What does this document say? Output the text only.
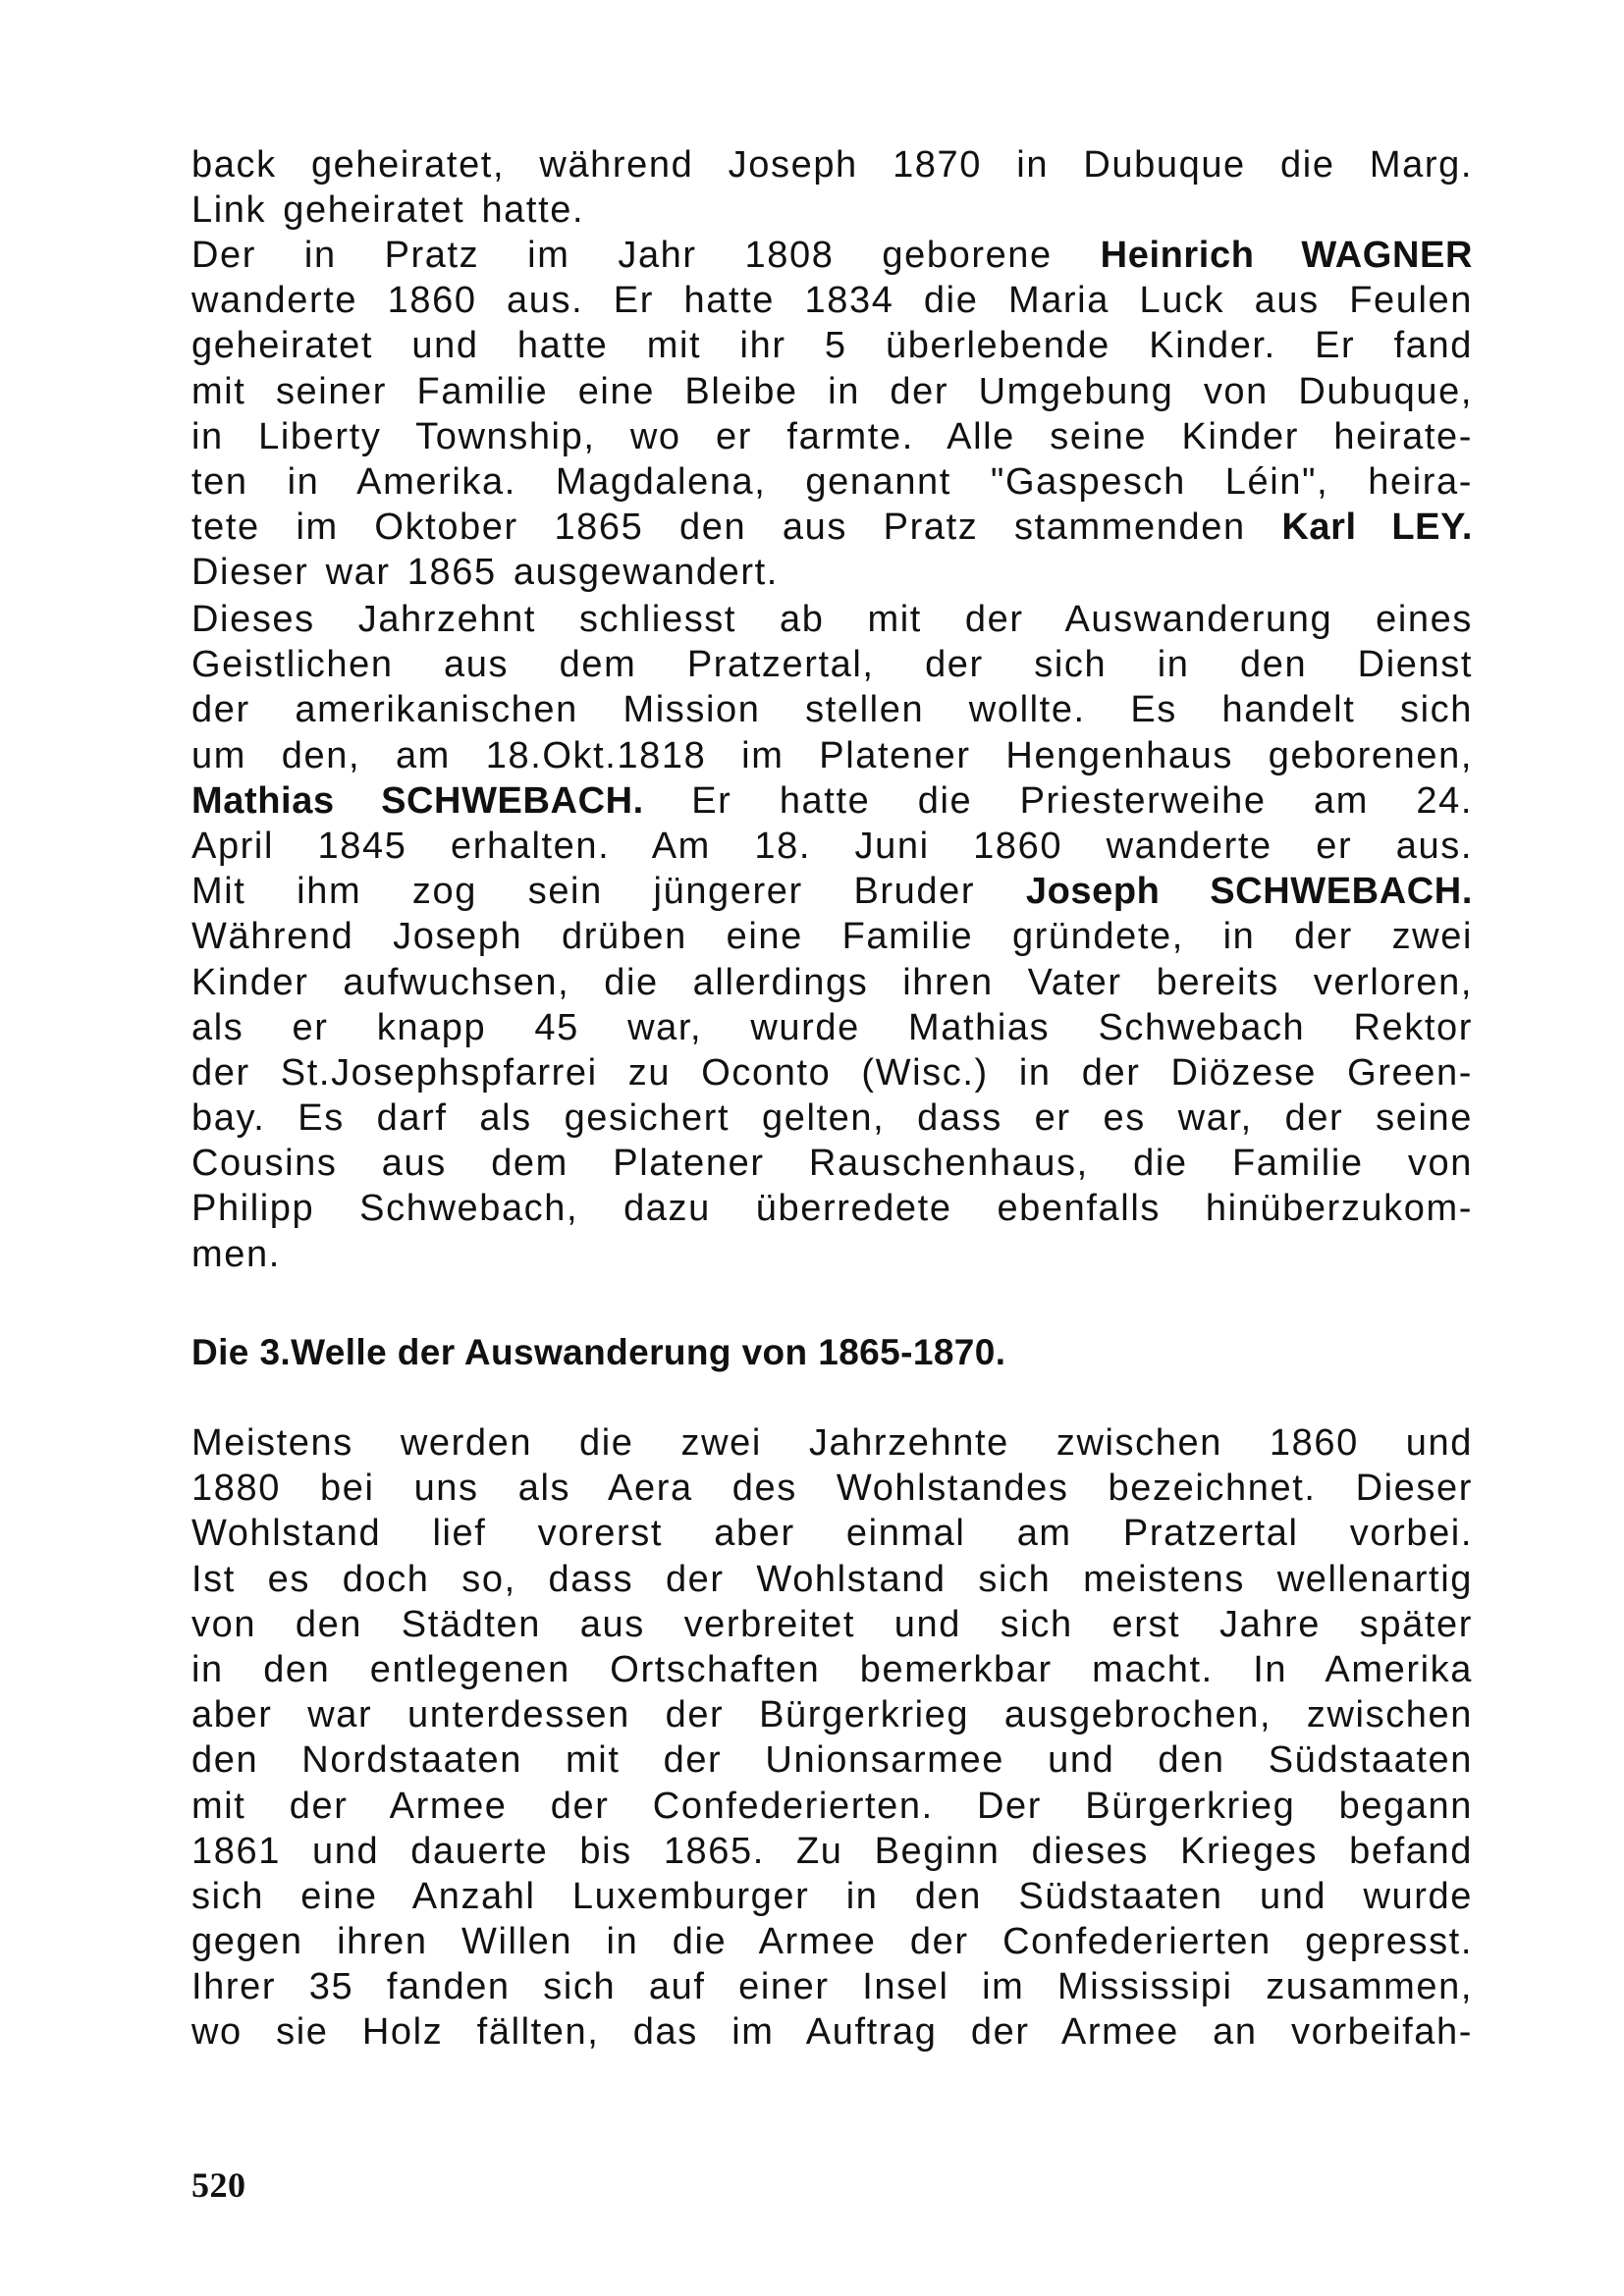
back geheiratet, während Joseph 1870 in Dubuque die Marg.
Link geheiratet hatte.
Der in Pratz im Jahr 1808 geborene Heinrich WAGNER
wanderte 1860 aus. Er hatte 1834 die Maria Luck aus Feulen
geheiratet und hatte mit ihr 5 überlebende Kinder. Er fand
mit seiner Familie eine Bleibe in der Umgebung von Dubuque,
in Liberty Township, wo er farmte. Alle seine Kinder heirate-
ten in Amerika. Magdalena, genannt "Gaspesch Léin", heira-
tete im Oktober 1865 den aus Pratz stammenden Karl LEY.
Dieser war 1865 ausgewandert.
Dieses Jahrzehnt schliesst ab mit der Auswanderung eines
Geistlichen aus dem Pratzertal, der sich in den Dienst
der amerikanischen Mission stellen wollte. Es handelt sich
um den, am 18.Okt.1818 im Platener Hengenhaus geborenen,
Mathias SCHWEBACH. Er hatte die Priesterweihe am 24.
April 1845 erhalten. Am 18. Juni 1860 wanderte er aus.
Mit ihm zog sein jüngerer Bruder Joseph SCHWEBACH.
Während Joseph drüben eine Familie gründete, in der zwei
Kinder aufwuchsen, die allerdings ihren Vater bereits verloren,
als er knapp 45 war, wurde Mathias Schwebach Rektor
der St.Josephspfarrei zu Oconto (Wisc.) in der Diözese Green-
bay. Es darf als gesichert gelten, dass er es war, der seine
Cousins aus dem Platener Rauschenhaus, die Familie von
Philipp Schwebach, dazu überredete ebenfalls hinüberzukom-
men.
Die 3.Welle der Auswanderung von 1865-1870.
Meistens werden die zwei Jahrzehnte zwischen 1860 und
1880 bei uns als Aera des Wohlstandes bezeichnet. Dieser
Wohlstand lief vorerst aber einmal am Pratzertal vorbei.
Ist es doch so, dass der Wohlstand sich meistens wellenartig
von den Städten aus verbreitet und sich erst Jahre später
in den entlegenen Ortschaften bemerkbar macht. In Amerika
aber war unterdessen der Bürgerkrieg ausgebrochen, zwischen
den Nordstaaten mit der Unionsarmee und den Südstaaten
mit der Armee der Confederierten. Der Bürgerkrieg begann
1861 und dauerte bis 1865. Zu Beginn dieses Krieges befand
sich eine Anzahl Luxemburger in den Südstaaten und wurde
gegen ihren Willen in die Armee der Confederierten gepresst.
Ihrer 35 fanden sich auf einer Insel im Mississipi zusammen,
wo sie Holz fällten, das im Auftrag der Armee an vorbeifah-
520
